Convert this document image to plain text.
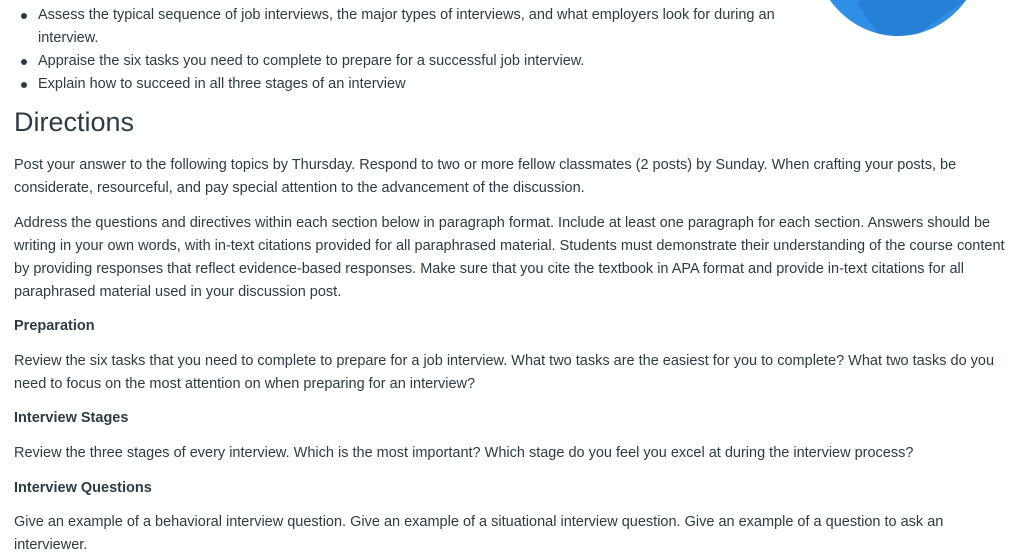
Assess the typical sequence of job interviews, the major types of interviews, and what employers look for during an interview.
Appraise the six tasks you need to complete to prepare for a successful job interview.
Explain how to succeed in all three stages of an interview
Directions

Post your answer to the following topics by Thursday. Respond to two or more fellow classmates (2 posts) by Sunday. When crafting your posts, be considerate, resourceful, and pay special attention to the advancement of the discussion.

Address the questions and directives within each section below in paragraph format. Include at least one paragraph for each section. Answers should be writing in your own words, with in-text citations provided for all paraphrased material. Students must demonstrate their understanding of the course content by providing responses that reflect evidence-based responses. Make sure that you cite the textbook in APA format and provide in-text citations for all paraphrased material used in your discussion post.

Preparation

Review the six tasks that you need to complete to prepare for a job interview. What two tasks are the easiest for you to complete? What two tasks do you need to focus on the most attention on when preparing for an interview?

Interview Stages

Review the three stages of every interview. Which is the most important? Which stage do you feel you excel at during the interview process?

Interview Questions

Give an example of a behavioral interview question. Give an example of a situational interview question. Give an example of a question to ask an interviewer.
